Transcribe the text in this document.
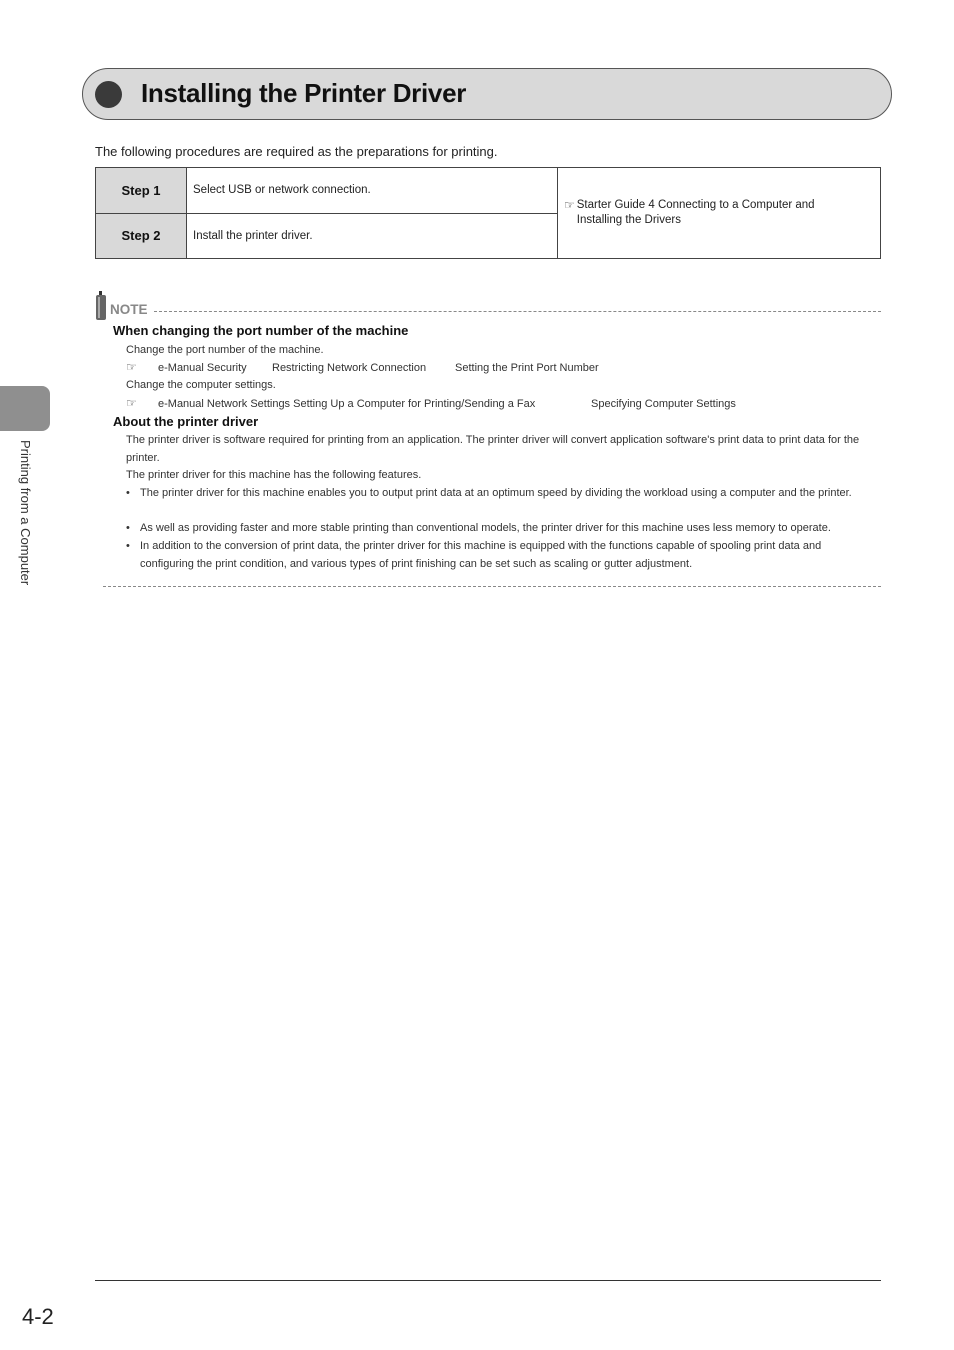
Installing the Printer Driver
The following procedures are required as the preparations for printing.
Step 1	Select USB or network connection.	☞ Starter Guide 4 Connecting to a Computer and
Installing the Drivers

Step 2	Install the printer driver.	
NOTE
When changing the port number of the machine
Change the port number of the machine.
☞ e-Manual Security Restricting Network Connection	Setting the Print Port Number
Change the computer settings.
☞ e-Manual Network Settings Setting Up a Computer for Printing/Sending a Fax	Specifying Computer Settings
About the printer driver
The printer driver is software required for printing from an application. The printer driver will convert application software's print data to print data for the printer.
The printer driver for this machine has the following features.
• The printer driver for this machine enables you to output print data at an optimum speed by dividing the workload using a computer and the printer.
• As well as providing faster and more stable printing than conventional models, the printer driver for this machine uses less memory to operate.
• In addition to the conversion of print data, the printer driver for this machine is equipped with the functions capable of spooling print data and configuring the print condition, and various types of print finishing can be set such as scaling or gutter adjustment.
Printing from a Computer
4-2
